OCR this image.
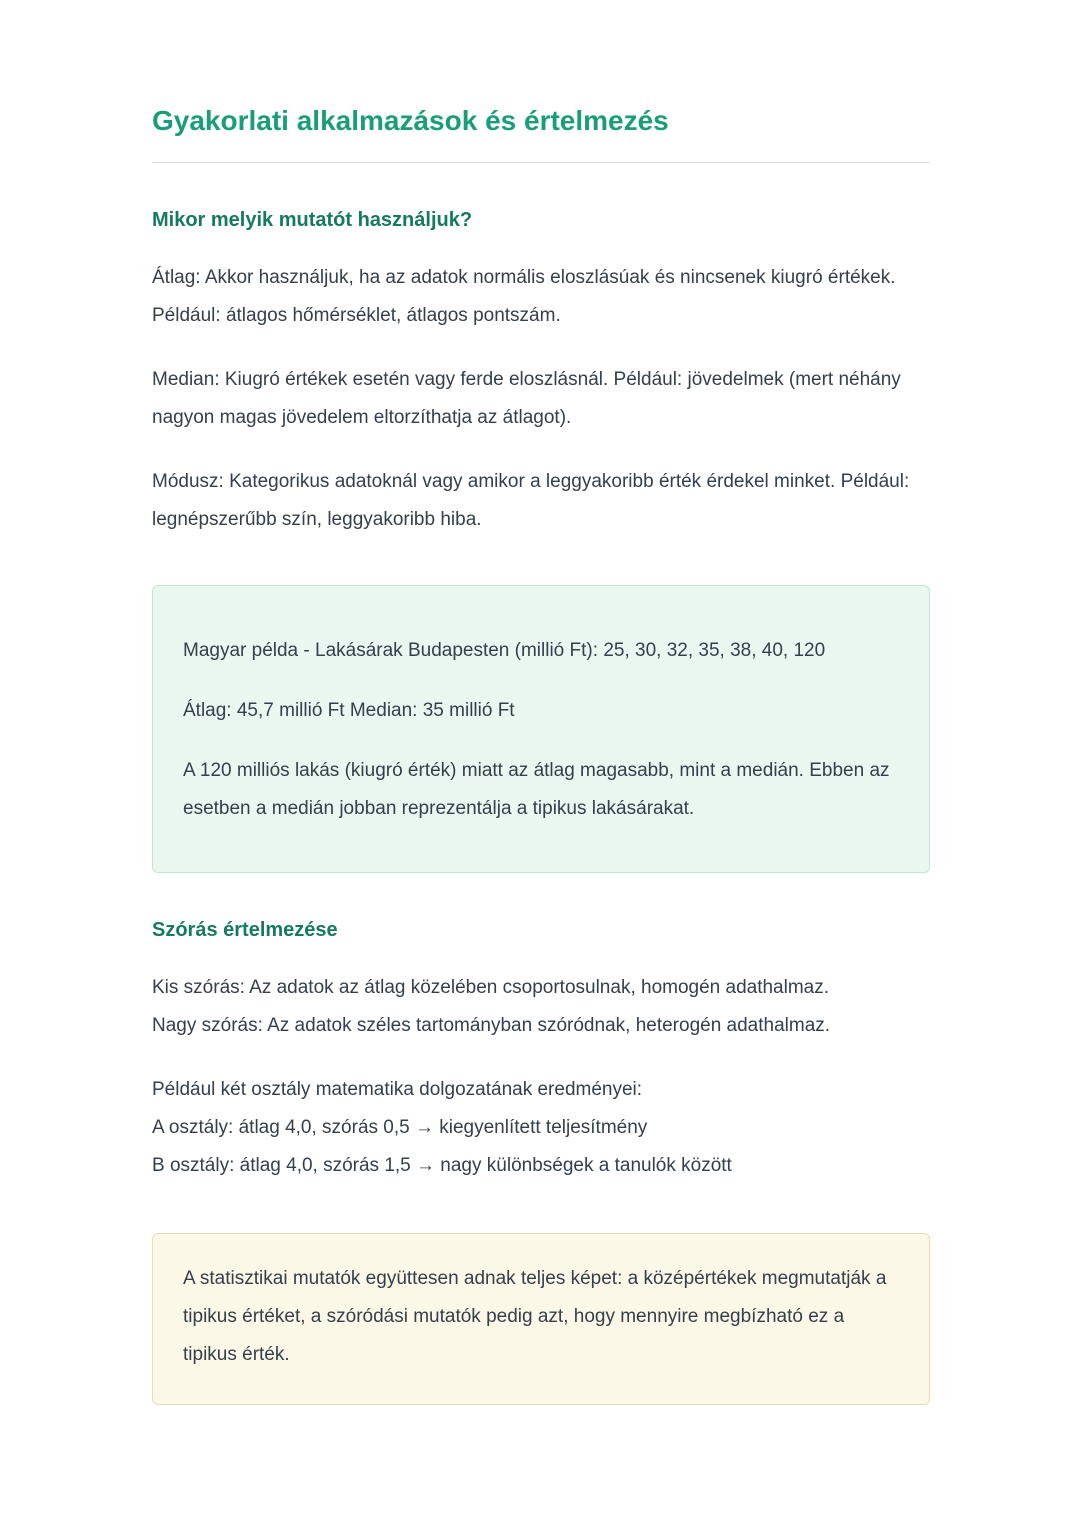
Gyakorlati alkalmazások és értelmezés
Mikor melyik mutatót használjuk?

Átlag: Akkor használjuk, ha az adatok normális eloszlásúak és nincsenek kiugró értékek. Például: átlagos hőmérséklet, átlagos pontszám.

Median: Kiugró értékek esetén vagy ferde eloszlásnál. Például: jövedelmek (mert néhány nagyon magas jövedelem eltorzíthatja az átlagot).

Módusz: Kategorikus adatoknál vagy amikor a leggyakoribb érték érdekel minket. Például: legnépszerűbb szín, leggyakoribb hiba.

Magyar példa - Lakásárak Budapesten (millió Ft): 25, 30, 32, 35, 38, 40, 120

Átlag: 45,7 millió Ft Median: 35 millió Ft

A 120 milliós lakás (kiugró érték) miatt az átlag magasabb, mint a medián. Ebben az esetben a medián jobban reprezentálja a tipikus lakásárakat.

Szórás értelmezése

Kis szórás: Az adatok az átlag közelében csoportosulnak, homogén adathalmaz.
Nagy szórás: Az adatok széles tartományban szóródnak, heterogén adathalmaz.

Például két osztály matematika dolgozatának eredményei:
A osztály: átlag 4,0, szórás 0,5 → kiegyenlített teljesítmény
B osztály: átlag 4,0, szórás 1,5 → nagy különbségek a tanulók között

A statisztikai mutatók együttesen adnak teljes képet: a középértékek megmutatják a tipikus értéket, a szóródási mutatók pedig azt, hogy mennyire megbízható ez a tipikus érték.
